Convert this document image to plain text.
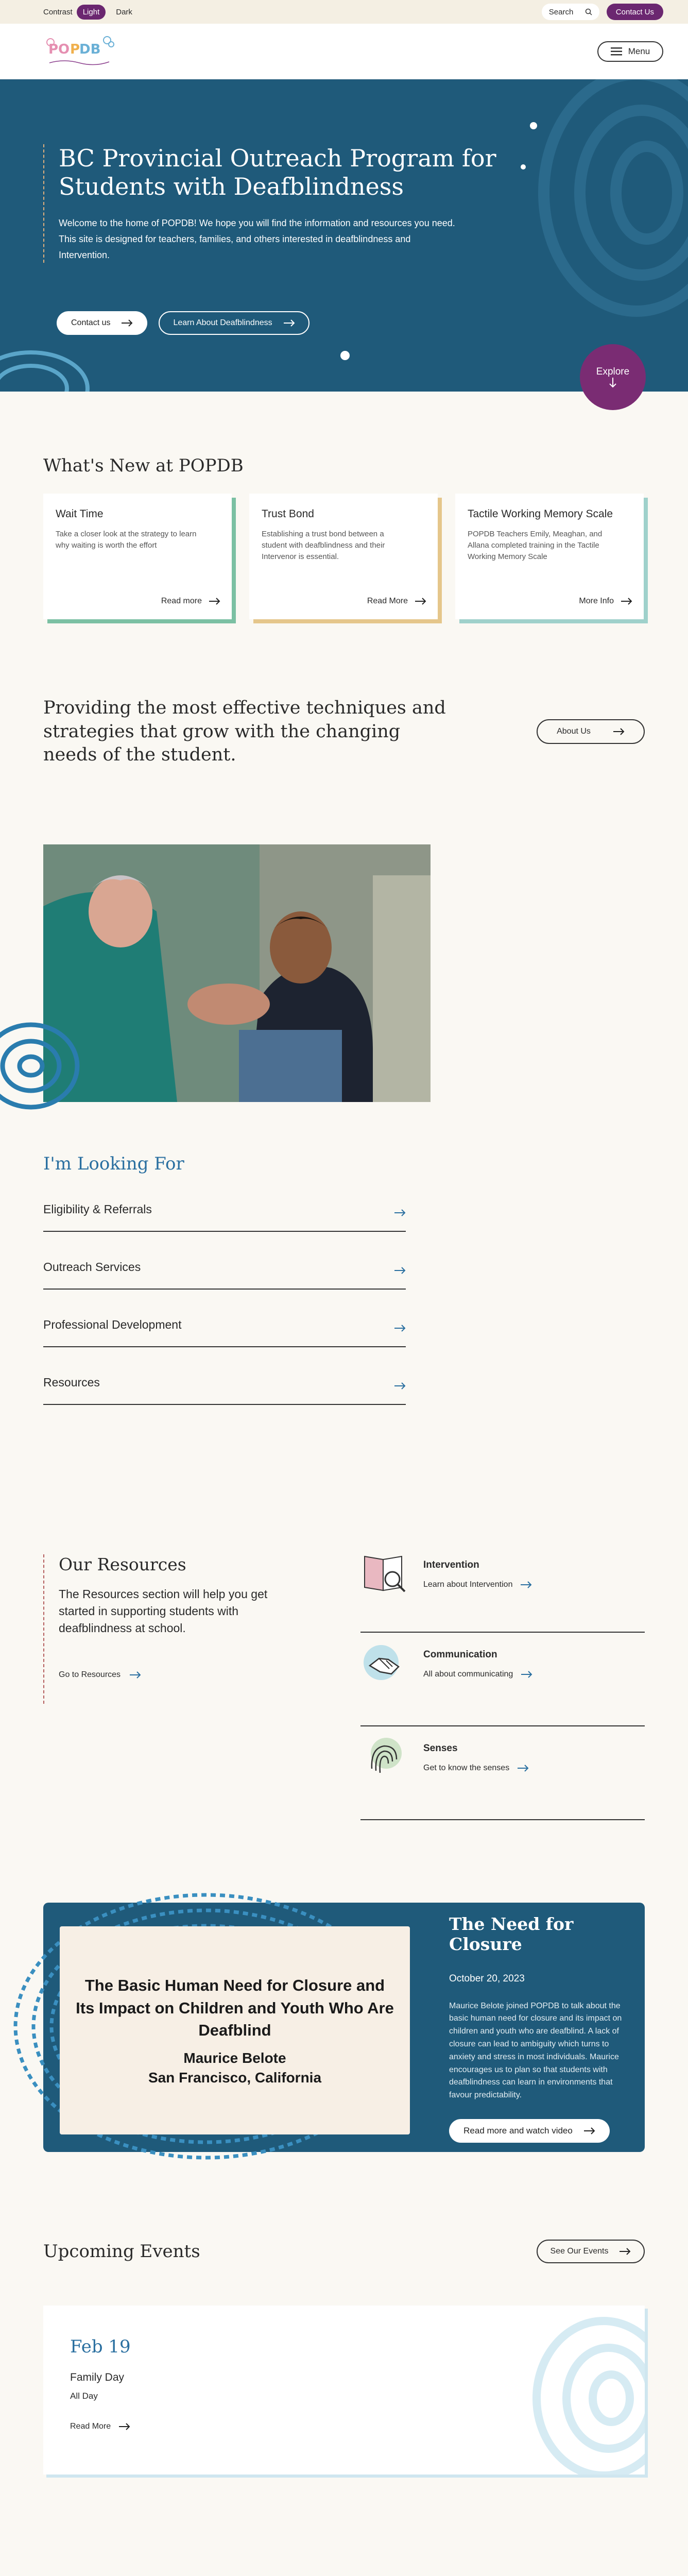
Contrast	Light	Dark	Search	Contact Us
PO P
DB	Menu
BC Provincial Outreach Program for Students with Deafblindness

Welcome to the home of POPDB! We hope you will find the information and resources you need. This site is designed for teachers, families, and others interested in deafblindness and Intervention.

Contact us	Learn About Deafblindness
Explore
What's New at POPDB
Wait Time

Take a closer look at the strategy to learn why waiting is worth the effort

Read more
Trust Bond

Establishing a trust bond between a student with deafblindness and their Intervenor is essential.

Read More
Tactile Working Memory Scale

POPDB Teachers Emily, Meaghan, and Allana completed training in the Tactile Working Memory Scale

More Info
Providing the most effective techniques and strategies that grow with the changing needs of the student.
About Us
I'm Looking For
Eligibility & Referrals
Outreach Services
Professional Development
Resources
Our Resources

The Resources section will help you get started in supporting students with deafblindness at school.

Go to Resources
Intervention
Learn about Intervention
Communication
All about communicating
Senses
Get to know the senses
The Basic Human Need for Closure and Its Impact on Children and Youth Who Are Deafblind
Maurice Belote
San Francisco, California
The Need for Closure
October 20, 2023

Maurice Belote joined POPDB to talk about the basic human need for closure and its impact on children and youth who are deafblind. A lack of closure can lead to ambiguity which turns to anxiety and stress in most individuals. Maurice encourages us to plan so that students with deafblindness can learn in environments that favour predictability.

Read more and watch video
Upcoming Events	See Our Events
Feb 19
Family Day
All Day
Read More
